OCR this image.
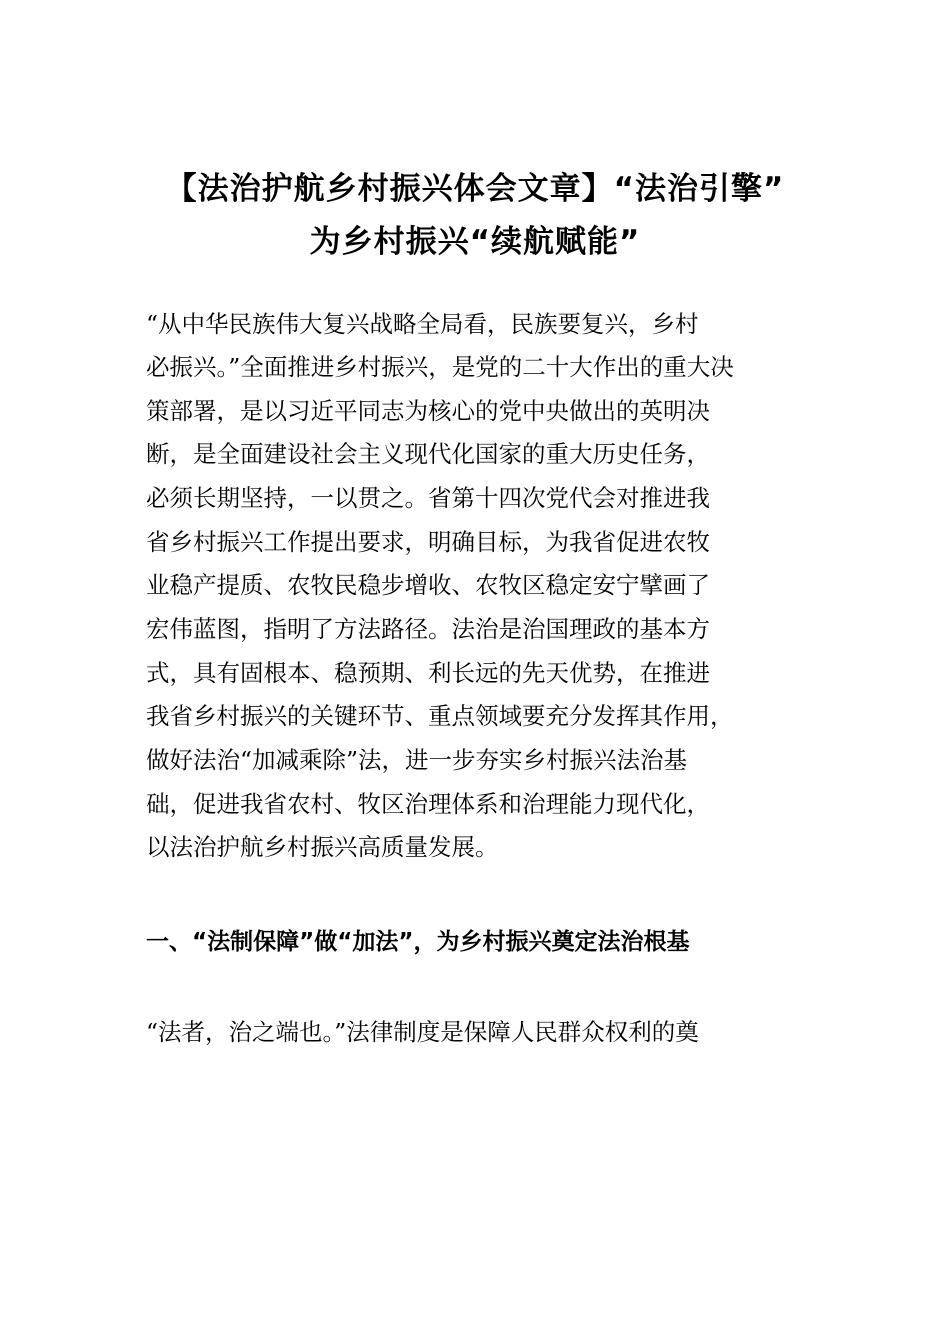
【法治护航乡村振兴体会文章】“法治引擎”
为乡村振兴“续航赋能”
“从中华民族伟大复兴战略全局看，民族要复兴，乡村
必振兴。”全面推进乡村振兴，是党的二十大作出的重大决
策部署，是以习近平同志为核心的党中央做出的英明决
断，是全面建设社会主义现代化国家的重大历史任务，
必须长期坚持，一以贯之。省第十四次党代会对推进我
省乡村振兴工作提出要求，明确目标，为我省促进农牧
业稳产提质、农牧民稳步增收、农牧区稳定安宁擘画了
宏伟蓝图，指明了方法路径。法治是治国理政的基本方
式，具有固根本、稳预期、利长远的先天优势，在推进
我省乡村振兴的关键环节、重点领域要充分发挥其作用，
做好法治“加减乘除”法，进一步夯实乡村振兴法治基
础，促进我省农村、牧区治理体系和治理能力现代化，
以法治护航乡村振兴高质量发展。
一、“法制保障”做“加法”，为乡村振兴奠定法治根基
“法者，治之端也。”法律制度是保障人民群众权利的奠
